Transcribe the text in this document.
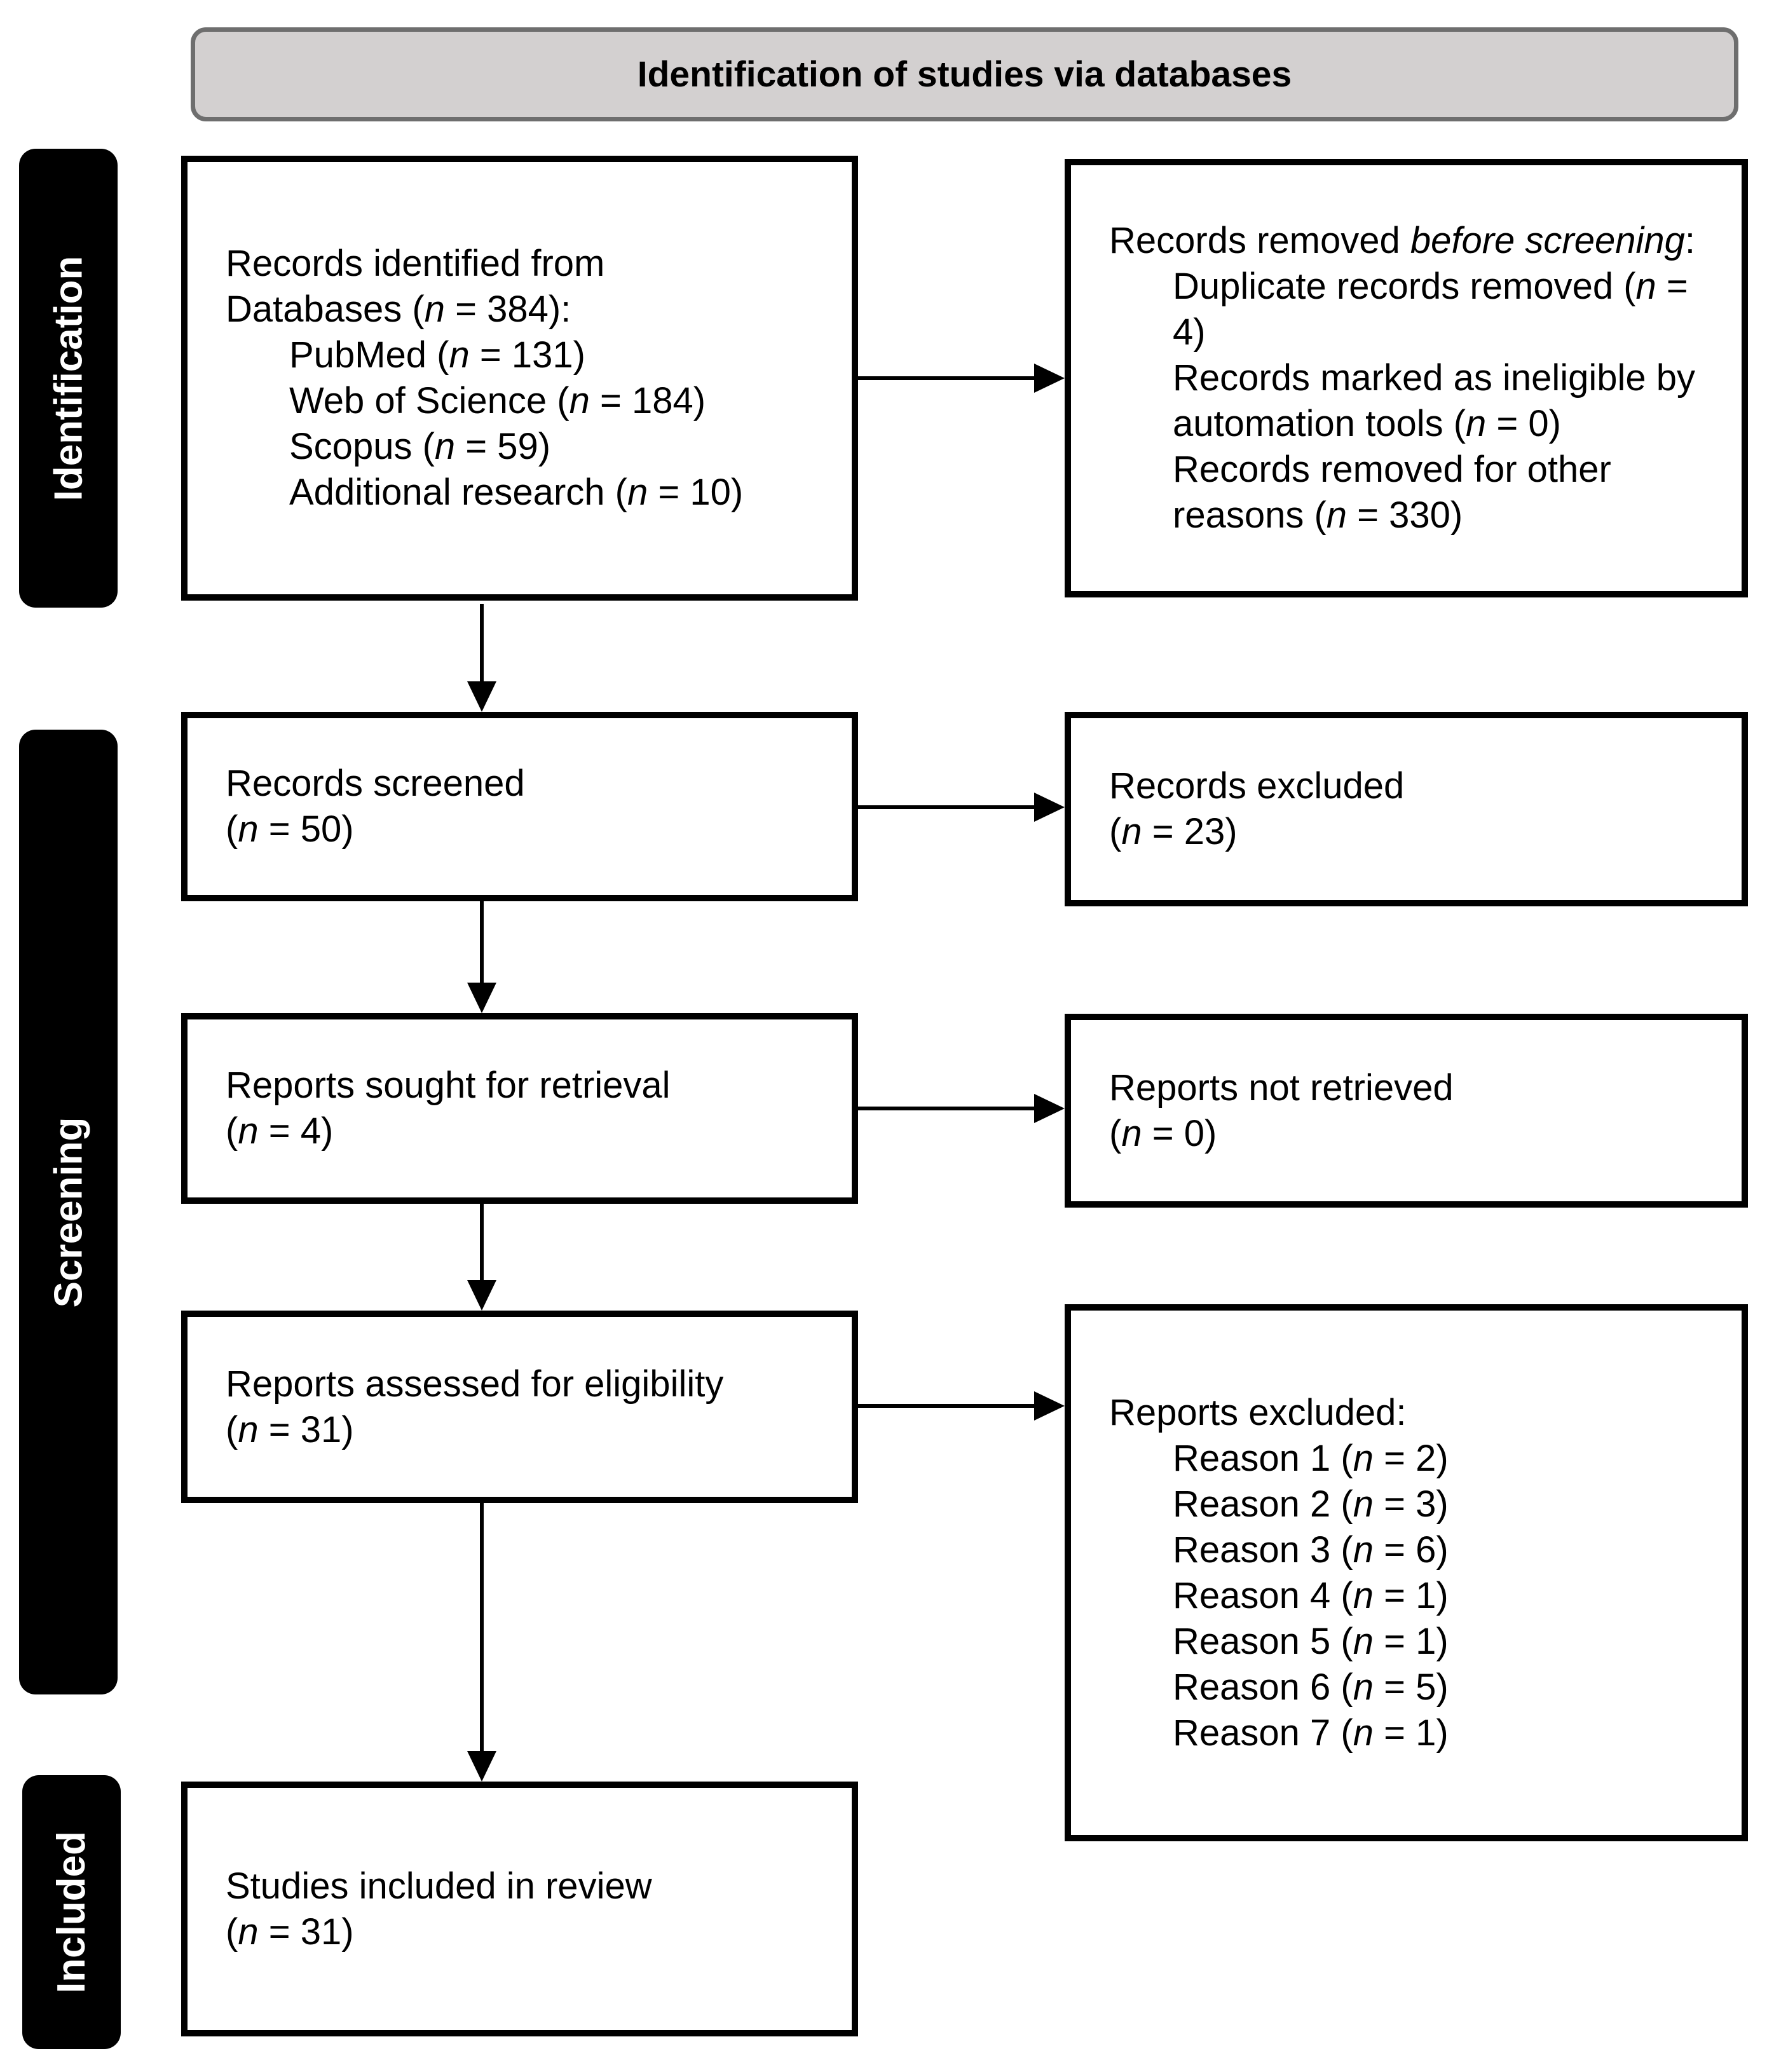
Identification of studies via databases
Identification
Screening
Included
Records identified from
Databases (n = 384):
PubMed (n = 131)
Web of Science (n = 184)
Scopus (n = 59)
Additional research (n = 10)
Records screened
(n = 50)
Reports sought for retrieval
(n = 4)
Reports assessed for eligibility
(n = 31)
Studies included in review
(n = 31)
Records removed before screening:
Duplicate records removed (n = 4)
Records marked as ineligible by automation tools (n = 0)
Records removed for other reasons (n = 330)
Records excluded
(n = 23)
Reports not retrieved
(n = 0)
Reports excluded:
Reason 1 (n = 2)
Reason 2 (n = 3)
Reason 3 (n = 6)
Reason 4 (n = 1)
Reason 5 (n = 1)
Reason 6 (n = 5)
Reason 7 (n = 1)
